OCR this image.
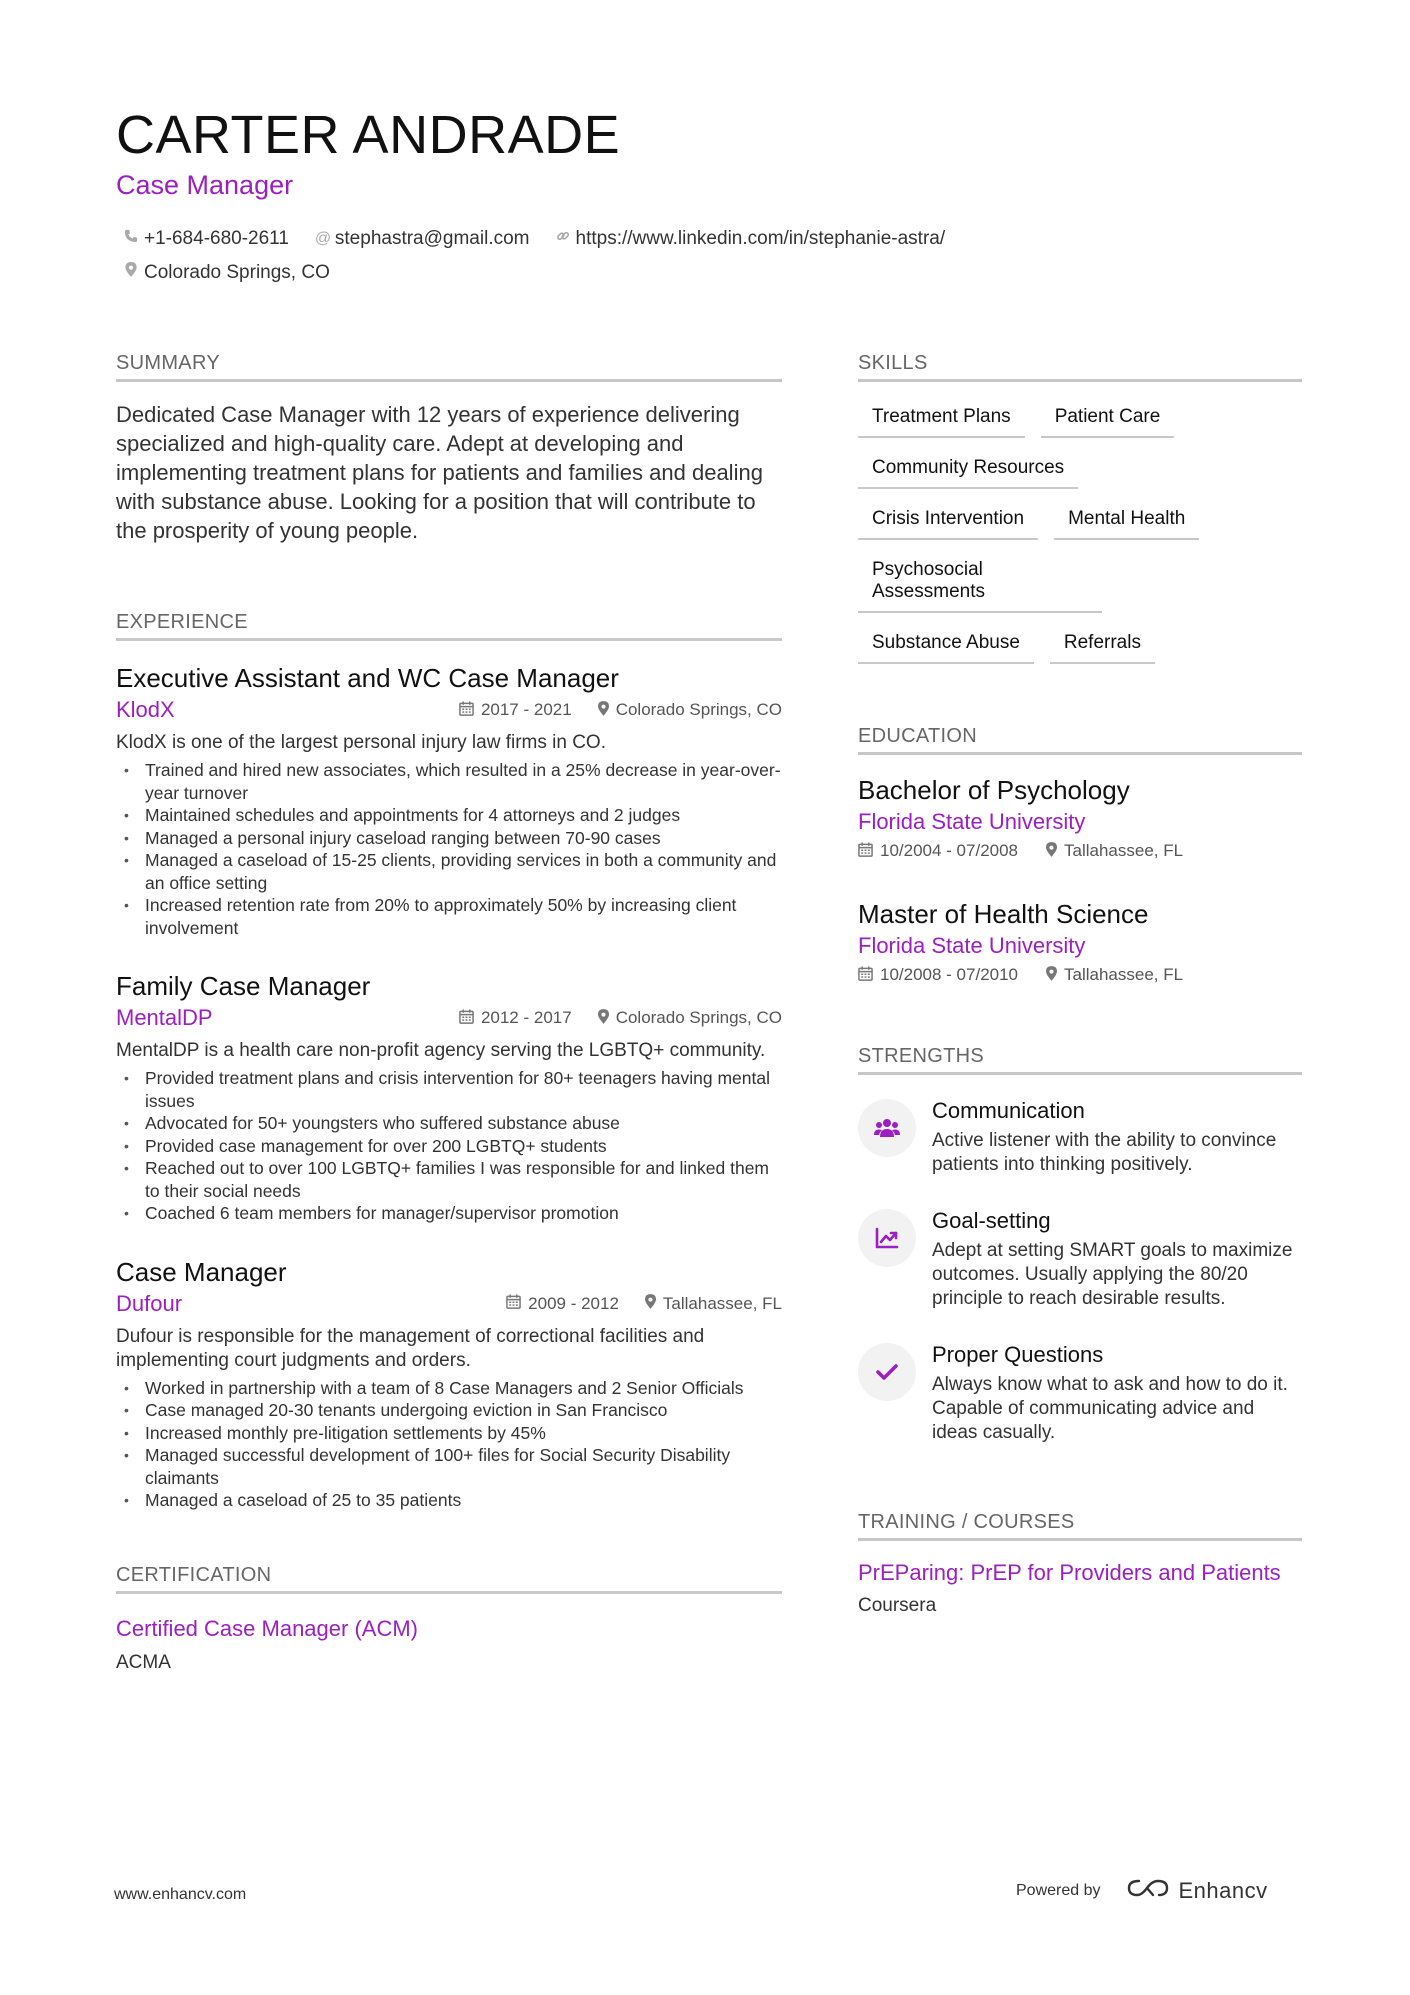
CARTER ANDRADE
Case Manager
+1-684-680-2611 @ stephastra@gmail.com https://www.linkedin.com/in/stephanie-astra/
Colorado Springs, CO
SUMMARY
Dedicated Case Manager with 12 years of experience delivering specialized and high-quality care. Adept at developing and implementing treatment plans for patients and families and dealing with substance abuse. Looking for a position that will contribute to the prosperity of young people.
EXPERIENCE
Executive Assistant and WC Case Manager
KlodX	2017 - 2021	Colorado Springs, CO
KlodX is one of the largest personal injury law firms in CO.
• Trained and hired new associates, which resulted in a 25% decrease in year-over-year turnover
• Maintained schedules and appointments for 4 attorneys and 2 judges
• Managed a personal injury caseload ranging between 70-90 cases
• Managed a caseload of 15-25 clients, providing services in both a community and an office setting
• Increased retention rate from 20% to approximately 50% by increasing client involvement
Family Case Manager
MentalDP	2012 - 2017	Colorado Springs, CO
MentalDP is a health care non-profit agency serving the LGBTQ+ community.
• Provided treatment plans and crisis intervention for 80+ teenagers having mental issues
• Advocated for 50+ youngsters who suffered substance abuse
• Provided case management for over 200 LGBTQ+ students
• Reached out to over 100 LGBTQ+ families I was responsible for and linked them to their social needs
• Coached 6 team members for manager/supervisor promotion
Case Manager
Dufour	2009 - 2012	Tallahassee, FL
Dufour is responsible for the management of correctional facilities and implementing court judgments and orders.
• Worked in partnership with a team of 8 Case Managers and 2 Senior Officials
• Case managed 20-30 tenants undergoing eviction in San Francisco
• Increased monthly pre-litigation settlements by 45%
• Managed successful development of 100+ files for Social Security Disability claimants
• Managed a caseload of 25 to 35 patients
CERTIFICATION
Certified Case Manager (ACM)
ACMA
SKILLS
Treatment Plans	Patient Care
Community Resources
Crisis Intervention	Mental Health
Psychosocial Assessments
Substance Abuse	Referrals
EDUCATION
Bachelor of Psychology
Florida State University
10/2004 - 07/2008	Tallahassee, FL
Master of Health Science
Florida State University
10/2008 - 07/2010	Tallahassee, FL
STRENGTHS
Communication
Active listener with the ability to convince patients into thinking positively.
Goal-setting
Adept at setting SMART goals to maximize outcomes. Usually applying the 80/20 principle to reach desirable results.
Proper Questions
Always know what to ask and how to do it. Capable of communicating advice and ideas casually.
TRAINING / COURSES
PrEParing: PrEP for Providers and Patients
Coursera
www.enhancv.com	Powered by	Enhancv
